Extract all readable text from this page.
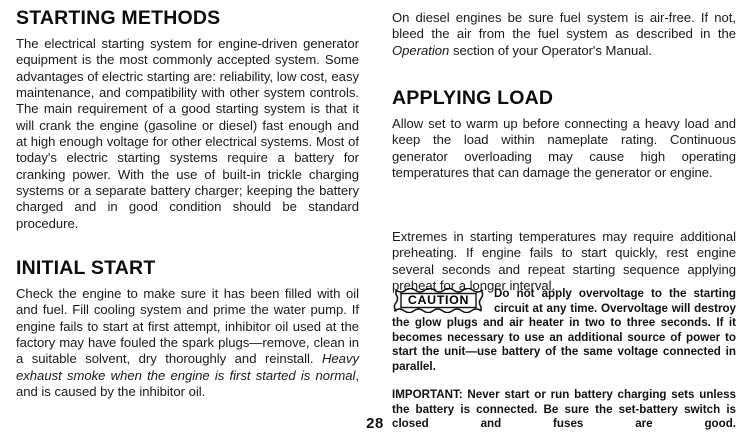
STARTING METHODS

The electrical starting system for engine-driven generator equipment is the most commonly accepted system. Some advantages of electric starting are: reliability, low cost, easy maintenance, and compatibility with other system controls. The main requirement of a good starting system is that it will crank the engine (gasoline or diesel) fast enough and at high enough voltage for other electrical systems. Most of today's electric starting systems require a battery for cranking power. With the use of built-in trickle charging systems or a separate battery charger; keeping the battery charged and in good condition should be standard procedure.

INITIAL START

Check the engine to make sure it has been filled with oil and fuel. Fill cooling system and prime the water pump. If engine fails to start at first attempt, inhibitor oil used at the factory may have fouled the spark plugs—remove, clean in a suitable solvent, dry thoroughly and reinstall. Heavy exhaust smoke when the engine is first started is normal, and is caused by the inhibitor oil.

On diesel engines be sure fuel system is air-free. If not, bleed the air from the fuel system as described in the Operation section of your Operator's Manual.

APPLYING LOAD

Allow set to warm up before connecting a heavy load and keep the load within nameplate rating. Continuous generator overloading may cause high operating temperatures that can damage the generator or engine.

Extremes in starting temperatures may require additional preheating. If engine fails to start quickly, rest engine several seconds and repeat starting sequence applying preheat for a longer interval.

CAUTION	Do not apply overvoltage to the starting circuit at any time. Overvoltage will destroy the glow plugs and air heater in two to three seconds. If it becomes necessary to use an additional source of power to start the unit—use battery of the same voltage connected in parallel.
IMPORTANT: Never start or run battery charging sets unless the battery is connected. Be sure the set-battery switch is closed and fuses are good.
28
